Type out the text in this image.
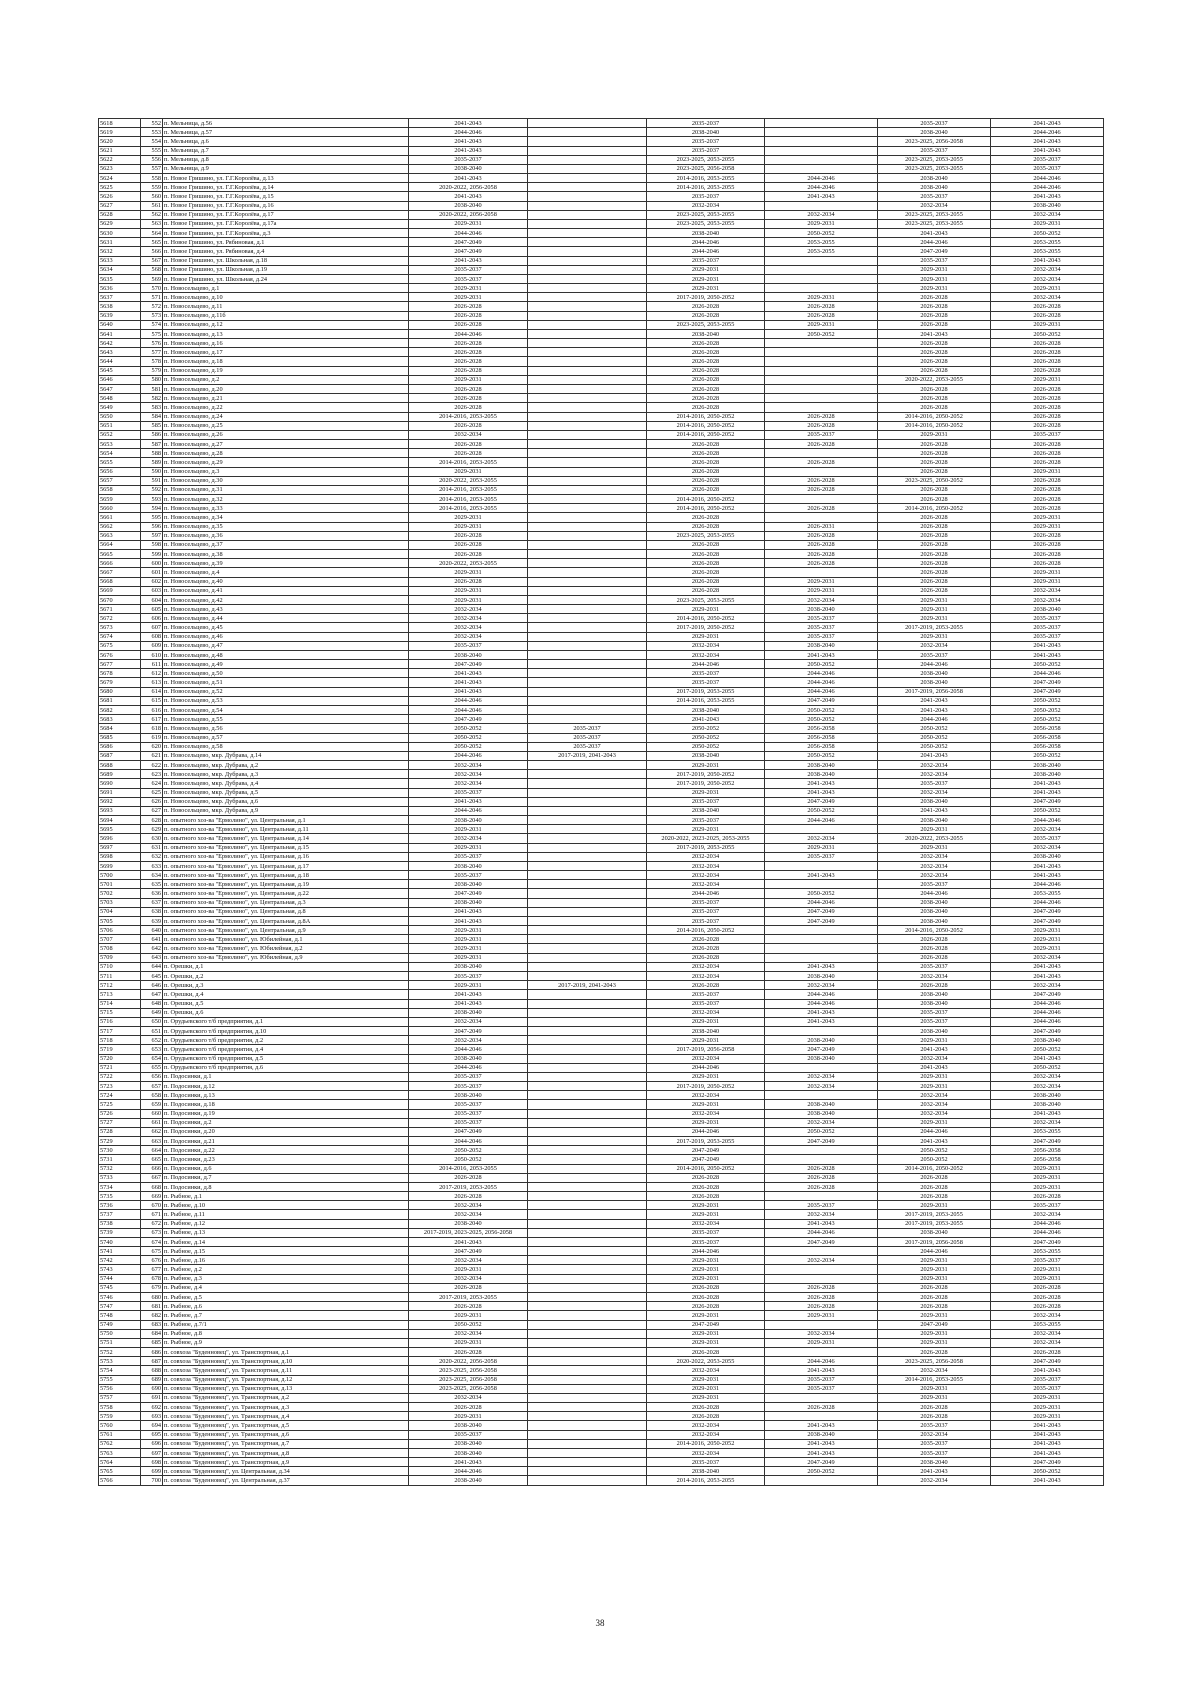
5618	552	п. Мельница, д.56	2041-2043		2035-2037		2035-2037	2041-2043
5619	553	п. Мельница, д.57	2044-2046		2038-2040		2038-2040	2044-2046
5620	554	п. Мельница, д.6	2041-2043		2035-2037		2023-2025, 2056-2058	2041-2043
5621	555	п. Мельница, д.7	2041-2043		2035-2037		2035-2037	2041-2043
5622	556	п. Мельница, д.8	2035-2037		2023-2025, 2053-2055		2023-2025, 2053-2055	2035-2037
5623	557	п. Мельница, д.9	2038-2040		2023-2025, 2056-2058		2023-2025, 2053-2055	2035-2037
5624	558	п. Новое Гришино, ул. Г.Г.Королёва, д.13	2041-2043		2014-2016, 2053-2055	2044-2046	2038-2040	2044-2046
5625	559	п. Новое Гришино, ул. Г.Г.Королёва, д.14	2020-2022, 2056-2058		2014-2016, 2053-2055	2044-2046	2038-2040	2044-2046
5626	560	п. Новое Гришино, ул. Г.Г.Королёва, д.15	2041-2043		2035-2037	2041-2043	2035-2037	2041-2043
5627	561	п. Новое Гришино, ул. Г.Г.Королёва, д.16	2038-2040		2032-2034		2032-2034	2038-2040
5628	562	п. Новое Гришино, ул. Г.Г.Королёва, д.17	2020-2022, 2056-2058		2023-2025, 2053-2055	2032-2034	2023-2025, 2053-2055	2032-2034
5629	563	п. Новое Гришино, ул. Г.Г.Королёва, д.17а	2029-2031		2023-2025, 2053-2055	2029-2031	2023-2025, 2053-2055	2029-2031
5630	564	п. Новое Гришино, ул. Г.Г.Королёва, д.3	2044-2046		2038-2040	2050-2052	2041-2043	2050-2052
5631	565	п. Новое Гришино, ул. Рябиновая, д.1	2047-2049		2044-2046	2053-2055	2044-2046	2053-2055
5632	566	п. Новое Гришино, ул. Рябиновая, д.4	2047-2049		2044-2046	2053-2055	2047-2049	2053-2055
5633	567	п. Новое Гришино, ул. Школьная, д.18	2041-2043		2035-2037		2035-2037	2041-2043
5634	568	п. Новое Гришино, ул. Школьная, д.19	2035-2037		2029-2031		2029-2031	2032-2034
5635	569	п. Новое Гришино, ул. Школьная, д.24	2035-2037		2029-2031		2029-2031	2032-2034
5636	570	п. Новосельцево, д.1	2029-2031		2029-2031		2029-2031	2029-2031
5637	571	п. Новосельцево, д.10	2029-2031		2017-2019, 2050-2052	2029-2031	2026-2028	2032-2034
5638	572	п. Новосельцево, д.11	2026-2028		2026-2028	2026-2028	2026-2028	2026-2028
5639	573	п. Новосельцево, д.11б	2026-2028		2026-2028	2026-2028	2026-2028	2026-2028
5640	574	п. Новосельцево, д.12	2026-2028		2023-2025, 2053-2055	2029-2031	2026-2028	2029-2031
5641	575	п. Новосельцево, д.13	2044-2046		2038-2040	2050-2052	2041-2043	2050-2052
5642	576	п. Новосельцево, д.16	2026-2028		2026-2028		2026-2028	2026-2028
5643	577	п. Новосельцево, д.17	2026-2028		2026-2028		2026-2028	2026-2028
5644	578	п. Новосельцево, д.18	2026-2028		2026-2028		2026-2028	2026-2028
5645	579	п. Новосельцево, д.19	2026-2028		2026-2028		2026-2028	2026-2028
5646	580	п. Новосельцево, д.2	2029-2031		2026-2028		2020-2022, 2053-2055	2029-2031
5647	581	п. Новосельцево, д.20	2026-2028		2026-2028		2026-2028	2026-2028
5648	582	п. Новосельцево, д.21	2026-2028		2026-2028		2026-2028	2026-2028
5649	583	п. Новосельцево, д.22	2026-2028		2026-2028		2026-2028	2026-2028
5650	584	п. Новосельцево, д.24	2014-2016, 2053-2055		2014-2016, 2050-2052	2026-2028	2014-2016, 2050-2052	2026-2028
5651	585	п. Новосельцево, д.25	2026-2028		2014-2016, 2050-2052	2026-2028	2014-2016, 2050-2052	2026-2028
5652	586	п. Новосельцево, д.26	2032-2034		2014-2016, 2050-2052	2035-2037	2029-2031	2035-2037
5653	587	п. Новосельцево, д.27	2026-2028		2026-2028	2026-2028	2026-2028	2026-2028
5654	588	п. Новосельцево, д.28	2026-2028		2026-2028		2026-2028	2026-2028
5655	589	п. Новосельцево, д.29	2014-2016, 2053-2055		2026-2028	2026-2028	2026-2028	2026-2028
5656	590	п. Новосельцево, д.3	2029-2031		2026-2028		2026-2028	2029-2031
5657	591	п. Новосельцево, д.30	2020-2022, 2053-2055		2026-2028	2026-2028	2023-2025, 2050-2052	2026-2028
5658	592	п. Новосельцево, д.31	2014-2016, 2053-2055		2026-2028	2026-2028	2026-2028	2026-2028
5659	593	п. Новосельцево, д.32	2014-2016, 2053-2055		2014-2016, 2050-2052		2026-2028	2026-2028
5660	594	п. Новосельцево, д.33	2014-2016, 2053-2055		2014-2016, 2050-2052	2026-2028	2014-2016, 2050-2052	2026-2028
5661	595	п. Новосельцево, д.34	2029-2031		2026-2028		2026-2028	2029-2031
5662	596	п. Новосельцево, д.35	2029-2031		2026-2028	2026-2031	2026-2028	2029-2031
5663	597	п. Новосельцево, д.36	2026-2028		2023-2025, 2053-2055	2026-2028	2026-2028	2026-2028
5664	598	п. Новосельцево, д.37	2026-2028		2026-2028	2026-2028	2026-2028	2026-2028
5665	599	п. Новосельцево, д.38	2026-2028		2026-2028	2026-2028	2026-2028	2026-2028
5666	600	п. Новосельцево, д.39	2020-2022, 2053-2055		2026-2028	2026-2028	2026-2028	2026-2028
5667	601	п. Новосельцево, д.4	2029-2031		2026-2028		2026-2028	2029-2031
5668	602	п. Новосельцево, д.40	2026-2028		2026-2028	2029-2031	2026-2028	2029-2031
5669	603	п. Новосельцево, д.41	2029-2031		2026-2028	2029-2031	2026-2028	2032-2034
5670	604	п. Новосельцево, д.42	2029-2031		2023-2025, 2053-2055	2032-2034	2029-2031	2032-2034
5671	605	п. Новосельцево, д.43	2032-2034		2029-2031	2038-2040	2029-2031	2038-2040
5672	606	п. Новосельцево, д.44	2032-2034		2014-2016, 2050-2052	2035-2037	2029-2031	2035-2037
5673	607	п. Новосельцево, д.45	2032-2034		2017-2019, 2050-2052	2035-2037	2017-2019, 2053-2055	2035-2037
5674	608	п. Новосельцево, д.46	2032-2034		2029-2031	2035-2037	2029-2031	2035-2037
5675	609	п. Новосельцево, д.47	2035-2037		2032-2034	2038-2040	2032-2034	2041-2043
5676	610	п. Новосельцево, д.48	2038-2040		2032-2034	2041-2043	2035-2037	2041-2043
5677	611	п. Новосельцево, д.49	2047-2049		2044-2046	2050-2052	2044-2046	2050-2052
5678	612	п. Новосельцево, д.50	2041-2043		2035-2037	2044-2046	2038-2040	2044-2046
5679	613	п. Новосельцево, д.51	2041-2043		2035-2037	2044-2046	2038-2040	2047-2049
5680	614	п. Новосельцево, д.52	2041-2043		2017-2019, 2053-2055	2044-2046	2017-2019, 2056-2058	2047-2049
5681	615	п. Новосельцево, д.53	2044-2046		2014-2016, 2053-2055	2047-2049	2041-2043	2050-2052
5682	616	п. Новосельцево, д.54	2044-2046		2038-2040	2050-2052	2041-2043	2050-2052
5683	617	п. Новосельцево, д.55	2047-2049		2041-2043	2050-2052	2044-2046	2050-2052
5684	618	п. Новосельцево, д.56	2050-2052	2035-2037	2050-2052	2056-2058	2050-2052	2056-2058
5685	619	п. Новосельцево, д.57	2050-2052	2035-2037	2050-2052	2056-2058	2050-2052	2056-2058
5686	620	п. Новосельцево, д.58	2050-2052	2035-2037	2050-2052	2056-2058	2050-2052	2056-2058
5687	621	п. Новосельцево, мкр. Дубрава, д.14	2044-2046	2017-2019, 2041-2043	2038-2040	2050-2052	2041-2043	2050-2052
5688	622	п. Новосельцево, мкр. Дубрава, д.2	2032-2034		2029-2031	2038-2040	2032-2034	2038-2040
5689	623	п. Новосельцево, мкр. Дубрава, д.3	2032-2034		2017-2019, 2050-2052	2038-2040	2032-2034	2038-2040
5690	624	п. Новосельцево, мкр. Дубрава, д.4	2032-2034		2017-2019, 2050-2052	2041-2043	2035-2037	2041-2043
5691	625	п. Новосельцево, мкр. Дубрава, д.5	2035-2037		2029-2031	2041-2043	2032-2034	2041-2043
5692	626	п. Новосельцево, мкр. Дубрава, д.6	2041-2043		2035-2037	2047-2049	2038-2040	2047-2049
5693	627	п. Новосельцево, мкр. Дубрава, д.9	2044-2046		2038-2040	2050-2052	2041-2043	2050-2052
5694	628	п. опытного хоз-ва "Ермолино", ул. Центральная, д.1	2038-2040		2035-2037	2044-2046	2038-2040	2044-2046
5695	629	п. опытного хоз-ва "Ермолино", ул. Центральная, д.11	2029-2031		2029-2031		2029-2031	2032-2034
5696	630	п. опытного хоз-ва "Ермолино", ул. Центральная, д.14	2032-2034		2020-2022, 2023-2025, 2053-2055	2032-2034	2020-2022, 2053-2055	2035-2037
5697	631	п. опытного хоз-ва "Ермолино", ул. Центральная, д.15	2029-2031		2017-2019, 2053-2055	2029-2031	2029-2031	2032-2034
5698	632	п. опытного хоз-ва "Ермолино", ул. Центральная, д.16	2035-2037		2032-2034	2035-2037	2032-2034	2038-2040
5699	633	п. опытного хоз-ва "Ермолино", ул. Центральная, д.17	2038-2040		2032-2034		2032-2034	2041-2043
5700	634	п. опытного хоз-ва "Ермолино", ул. Центральная, д.18	2035-2037		2032-2034	2041-2043	2032-2034	2041-2043
5701	635	п. опытного хоз-ва "Ермолино", ул. Центральная, д.19	2038-2040		2032-2034		2035-2037	2044-2046
5702	636	п. опытного хоз-ва "Ермолино", ул. Центральная, д.22	2047-2049		2044-2046	2050-2052	2044-2046	2053-2055
5703	637	п. опытного хоз-ва "Ермолино", ул. Центральная, д.3	2038-2040		2035-2037	2044-2046	2038-2040	2044-2046
5704	638	п. опытного хоз-ва "Ермолино", ул. Центральная, д.8	2041-2043		2035-2037	2047-2049	2038-2040	2047-2049
5705	639	п. опытного хоз-ва "Ермолино", ул. Центральная, д.8А	2041-2043		2035-2037	2047-2049	2038-2040	2047-2049
5706	640	п. опытного хоз-ва "Ермолино", ул. Центральная, д.9	2029-2031		2014-2016, 2050-2052		2014-2016, 2050-2052	2029-2031
5707	641	п. опытного хоз-ва "Ермолино", ул. Юбилейная, д.1	2029-2031		2026-2028		2026-2028	2029-2031
5708	642	п. опытного хоз-ва "Ермолино", ул. Юбилейная, д.2	2029-2031		2026-2028		2026-2028	2029-2031
5709	643	п. опытного хоз-ва "Ермолино", ул. Юбилейная, д.9	2029-2031		2026-2028		2026-2028	2032-2034
5710	644	п. Орешки, д.1	2038-2040		2032-2034	2041-2043	2035-2037	2041-2043
5711	645	п. Орешки, д.2	2035-2037		2032-2034	2038-2040	2032-2034	2041-2043
5712	646	п. Орешки, д.3	2029-2031	2017-2019, 2041-2043	2026-2028	2032-2034	2026-2028	2032-2034
5713	647	п. Орешки, д.4	2041-2043		2035-2037	2044-2046	2038-2040	2047-2049
5714	648	п. Орешки, д.5	2041-2043		2035-2037	2044-2046	2038-2040	2044-2046
5715	649	п. Орешки, д.6	2038-2040		2032-2034	2041-2043	2035-2037	2044-2046
5716	650	п. Орудьевского т/б предприятия, д.1	2032-2034		2029-2031	2041-2043	2035-2037	2044-2046
5717	651	п. Орудьевского т/б предприятия, д.10	2047-2049		2038-2040		2038-2040	2047-2049
5718	652	п. Орудьевского т/б предприятия, д.2	2032-2034		2029-2031	2038-2040	2029-2031	2038-2040
5719	653	п. Орудьевского т/б предприятия, д.4	2044-2046		2017-2019, 2056-2058	2047-2049	2041-2043	2050-2052
5720	654	п. Орудьевского т/б предприятия, д.5	2038-2040		2032-2034	2038-2040	2032-2034	2041-2043
5721	655	п. Орудьевского т/б предприятия, д.6	2044-2046		2044-2046		2041-2043	2050-2052
5722	656	п. Подосинки, д.1	2035-2037		2029-2031	2032-2034	2029-2031	2032-2034
5723	657	п. Подосинки, д.12	2035-2037		2017-2019, 2050-2052	2032-2034	2029-2031	2032-2034
5724	658	п. Подосинки, д.13	2038-2040		2032-2034		2032-2034	2038-2040
5725	659	п. Подосинки, д.18	2035-2037		2029-2031	2038-2040	2032-2034	2038-2040
5726	660	п. Подосинки, д.19	2035-2037		2032-2034	2038-2040	2032-2034	2041-2043
5727	661	п. Подосинки, д.2	2035-2037		2029-2031	2032-2034	2029-2031	2032-2034
5728	662	п. Подосинки, д.20	2047-2049		2044-2046	2050-2052	2044-2046	2053-2055
5729	663	п. Подосинки, д.21	2044-2046		2017-2019, 2053-2055	2047-2049	2041-2043	2047-2049
5730	664	п. Подосинки, д.22	2050-2052		2047-2049		2050-2052	2056-2058
5731	665	п. Подосинки, д.23	2050-2052		2047-2049		2050-2052	2056-2058
5732	666	п. Подосинки, д.6	2014-2016, 2053-2055		2014-2016, 2050-2052	2026-2028	2014-2016, 2050-2052	2029-2031
5733	667	п. Подосинки, д.7	2026-2028		2026-2028	2026-2028	2026-2028	2029-2031
5734	668	п. Подосинки, д.8	2017-2019, 2053-2055		2026-2028	2026-2028	2026-2028	2029-2031
5735	669	п. Рыбное, д.1	2026-2028		2026-2028		2026-2028	2026-2028
5736	670	п. Рыбное, д.10	2032-2034		2029-2031	2035-2037	2029-2031	2035-2037
5737	671	п. Рыбное, д.11	2032-2034		2029-2031	2032-2034	2017-2019, 2053-2055	2032-2034
5738	672	п. Рыбное, д.12	2038-2040		2032-2034	2041-2043	2017-2019, 2053-2055	2044-2046
5739	673	п. Рыбное, д.13	2017-2019, 2023-2025, 2056-2058		2035-2037	2044-2046	2038-2040	2044-2046
5740	674	п. Рыбное, д.14	2041-2043		2035-2037	2047-2049	2017-2019, 2056-2058	2047-2049
5741	675	п. Рыбное, д.15	2047-2049		2044-2046		2044-2046	2053-2055
5742	676	п. Рыбное, д.16	2032-2034		2029-2031	2032-2034	2029-2031	2035-2037
5743	677	п. Рыбное, д.2	2029-2031		2029-2031		2029-2031	2029-2031
5744	678	п. Рыбное, д.3	2032-2034		2029-2031		2029-2031	2029-2031
5745	679	п. Рыбное, д.4	2026-2028		2026-2028	2026-2028	2026-2028	2026-2028
5746	680	п. Рыбное, д.5	2017-2019, 2053-2055		2026-2028	2026-2028	2026-2028	2026-2028
5747	681	п. Рыбное, д.6	2026-2028		2026-2028	2026-2028	2026-2028	2026-2028
5748	682	п. Рыбное, д.7	2029-2031		2029-2031	2029-2031	2029-2031	2032-2034
5749	683	п. Рыбное, д.7/1	2050-2052		2047-2049		2047-2049	2053-2055
5750	684	п. Рыбное, д.8	2032-2034		2029-2031	2032-2034	2029-2031	2032-2034
5751	685	п. Рыбное, д.9	2029-2031		2029-2031	2029-2031	2029-2031	2032-2034
5752	686	п. совхоза "Буденновец", ул. Транспортная, д.1	2026-2028		2026-2028		2026-2028	2026-2028
5753	687	п. совхоза "Буденновец", ул. Транспортная, д.10	2020-2022, 2056-2058		2020-2022, 2053-2055	2044-2046	2023-2025, 2056-2058	2047-2049
5754	688	п. совхоза "Буденновец", ул. Транспортная, д.11	2023-2025, 2056-2058		2032-2034	2041-2043	2032-2034	2041-2043
5755	689	п. совхоза "Буденновец", ул. Транспортная, д.12	2023-2025, 2056-2058		2029-2031	2035-2037	2014-2016, 2053-2055	2035-2037
5756	690	п. совхоза "Буденновец", ул. Транспортная, д.13	2023-2025, 2056-2058		2029-2031	2035-2037	2029-2031	2035-2037
5757	691	п. совхоза "Буденновец", ул. Транспортная, д.2	2032-2034		2029-2031		2029-2031	2029-2031
5758	692	п. совхоза "Буденновец", ул. Транспортная, д.3	2026-2028		2026-2028	2026-2028	2026-2028	2029-2031
5759	693	п. совхоза "Буденновец", ул. Транспортная, д.4	2029-2031		2026-2028		2026-2028	2029-2031
5760	694	п. совхоза "Буденновец", ул. Транспортная, д.5	2038-2040		2032-2034	2041-2043	2035-2037	2041-2043
5761	695	п. совхоза "Буденновец", ул. Транспортная, д.6	2035-2037		2032-2034	2038-2040	2032-2034	2041-2043
5762	696	п. совхоза "Буденновец", ул. Транспортная, д.7	2038-2040		2014-2016, 2050-2052	2041-2043	2035-2037	2041-2043
5763	697	п. совхоза "Буденновец", ул. Транспортная, д.8	2038-2040		2032-2034	2041-2043	2035-2037	2041-2043
5764	698	п. совхоза "Буденновец", ул. Транспортная, д.9	2041-2043		2035-2037	2047-2049	2038-2040	2047-2049
5765	699	п. совхоза "Буденновец", ул. Центральная, д.34	2044-2046		2038-2040	2050-2052	2041-2043	2050-2052
5766	700	п. совхоза "Буденновец", ул. Центральная, д.37	2038-2040		2014-2016, 2053-2055		2032-2034	2041-2043
38
